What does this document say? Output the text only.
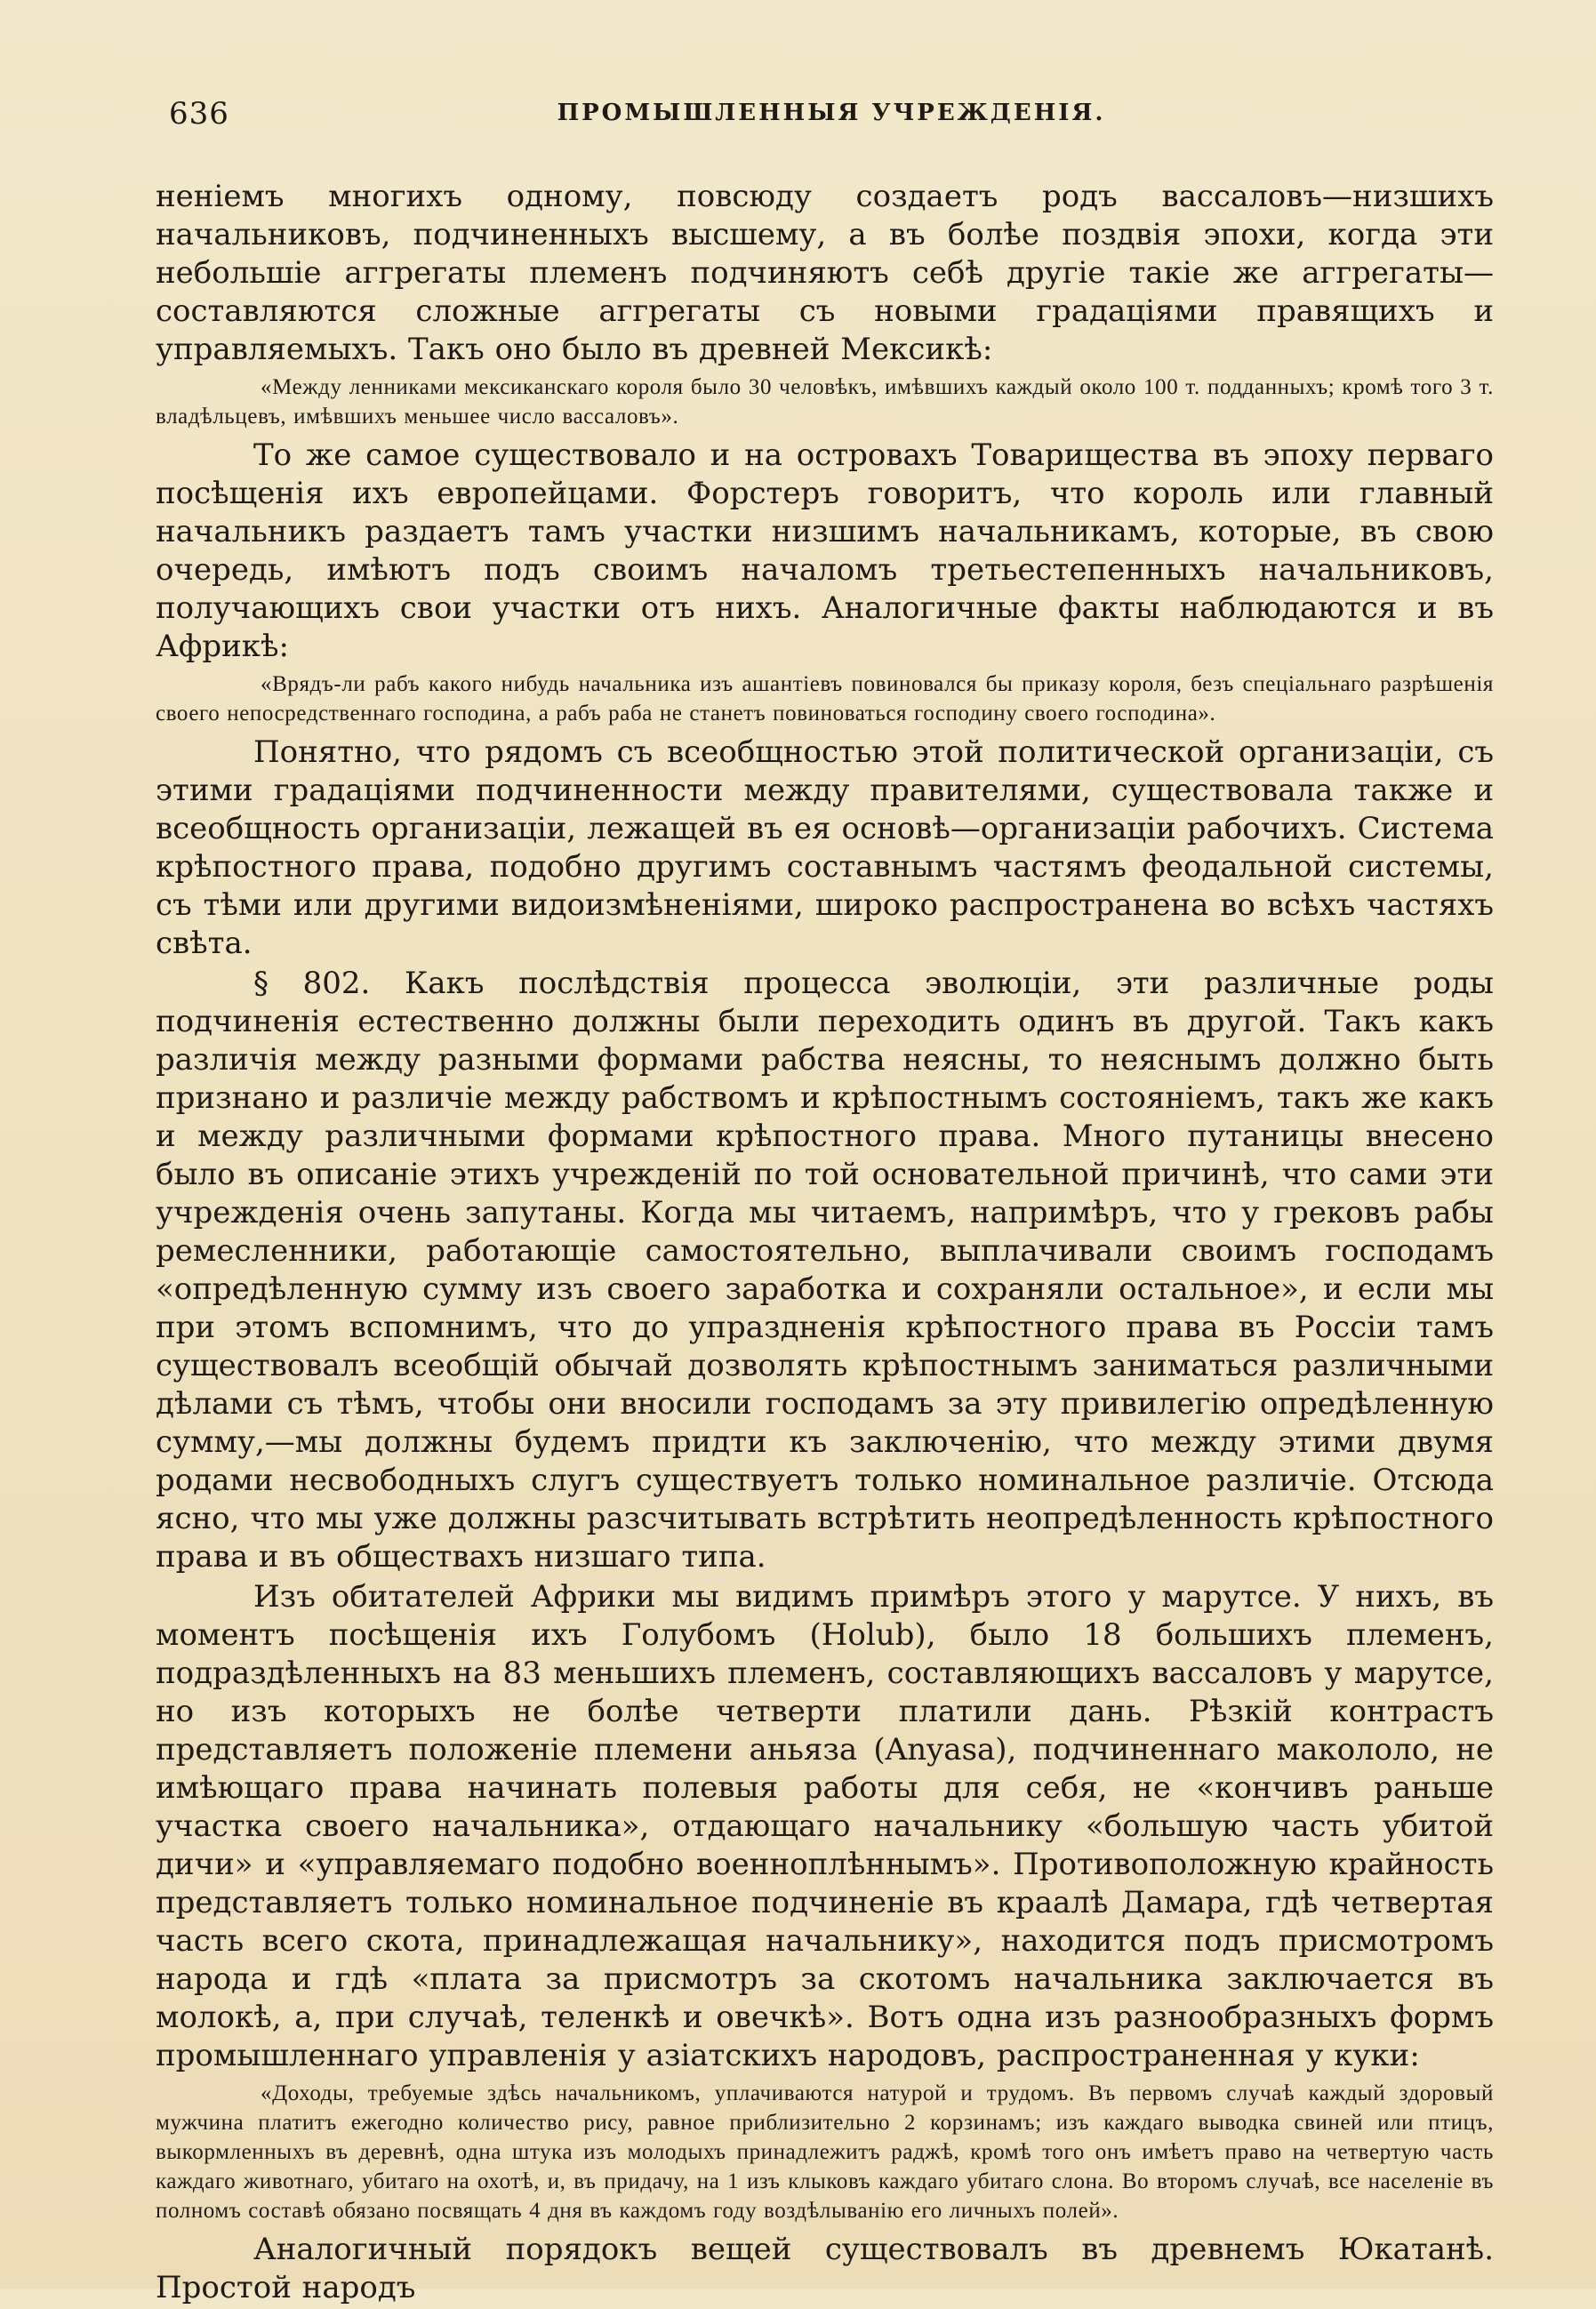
636	ПРОМЫШЛЕННЫЯ УЧРЕЖДЕНІЯ.

неніемъ многихъ одному, повсюду создаетъ родъ вассаловъ—низшихъ начальниковъ, подчиненныхъ высшему, а въ болѣе поздвія эпохи, когда эти небольшіе аггрегаты племенъ подчиняютъ себѣ другіе такіе же аггрегаты—составляются сложные аггрегаты съ новыми градаціями правящихъ и управляемыхъ. Такъ оно было въ древней Мексикѣ:

«Между ленниками мексиканскаго короля было 30 человѣкъ, имѣвшихъ каждый около 100 т. подданныхъ; кромѣ того 3 т. владѣльцевъ, имѣвшихъ меньшее число вассаловъ».

То же самое существовало и на островахъ Товарищества въ эпоху перваго посѣщенія ихъ европейцами. Форстеръ говоритъ, что король или главный начальникъ раздаетъ тамъ участки низшимъ начальникамъ, которые, въ свою очередь, имѣютъ подъ своимъ началомъ третьестепенныхъ начальниковъ, получающихъ свои участки отъ нихъ. Аналогичные факты наблюдаются и въ Африкѣ:

«Врядъ-ли рабъ какого нибудь начальника изъ ашантіевъ повиновался бы приказу короля, безъ спеціальнаго разрѣшенія своего непосредственнаго господина, а рабъ раба не станетъ повиноваться господину своего господина».

Понятно, что рядомъ съ всеобщностью этой политической организаціи, съ этими градаціями подчиненности между правителями, существовала также и всеобщность организаціи, лежащей въ ея основѣ—организаціи рабочихъ. Система крѣпостного права, подобно другимъ составнымъ частямъ феодальной системы, съ тѣми или другими видоизмѣненіями, широко распространена во всѣхъ частяхъ свѣта.

§ 802. Какъ послѣдствія процесса эволюціи, эти различные роды подчиненія естественно должны были переходить одинъ въ другой. Такъ какъ различія между разными формами рабства неясны, то неяснымъ должно быть признано и различіе между рабствомъ и крѣпостнымъ состояніемъ, такъ же какъ и между различными формами крѣпостного права. Много путаницы внесено было въ описаніе этихъ учрежденій по той основательной причинѣ, что сами эти учрежденія очень запутаны. Когда мы читаемъ, напримѣръ, что у грековъ рабы ремесленники, работающіе самостоятельно, выплачивали своимъ господамъ «опредѣленную сумму изъ своего заработка и сохраняли остальное», и если мы при этомъ вспомнимъ, что до упраздненія крѣпостного права въ Россіи тамъ существовалъ всеобщій обычай дозволять крѣпостнымъ заниматься различными дѣлами съ тѣмъ, чтобы они вносили господамъ за эту привилегію опредѣленную сумму,—мы должны будемъ придти къ заключенію, что между этими двумя родами несвободныхъ слугъ существуетъ только номинальное различіе. Отсюда ясно, что мы уже должны разсчитывать встрѣтить неопредѣленность крѣпостного права и въ обществахъ низшаго типа.

Изъ обитателей Африки мы видимъ примѣръ этого у марутсе. У нихъ, въ моментъ посѣщенія ихъ Голубомъ (Holub), было 18 большихъ племенъ, подраздѣленныхъ на 83 меньшихъ племенъ, составляющихъ вассаловъ у марутсе, но изъ которыхъ не болѣе четверти платили дань. Рѣзкій контрастъ представляетъ положеніе племени аньяза (Anyasa), подчиненнаго макололо, не имѣющаго права начинать полевыя работы для себя, не «кончивъ раньше участка своего начальника», отдающаго начальнику «большую часть убитой дичи» и «управляемаго подобно военноплѣннымъ». Противоположную крайность представляетъ только номинальное подчиненіе въ краалѣ Дамара, гдѣ четвертая часть всего скота, принадлежащая начальнику», находится подъ присмотромъ народа и гдѣ «плата за присмотръ за скотомъ начальника заключается въ молокѣ, а, при случаѣ, теленкѣ и овечкѣ». Вотъ одна изъ разнообразныхъ формъ промышленнаго управленія у азіатскихъ народовъ, распространенная у куки:

«Доходы, требуемые здѣсь начальникомъ, уплачиваются натурой и трудомъ. Въ первомъ случаѣ каждый здоровый мужчина платитъ ежегодно количество рису, равное приблизительно 2 корзинамъ; изъ каждаго выводка свиней или птицъ, выкормленныхъ въ деревнѣ, одна штука изъ молодыхъ принадлежитъ раджѣ, кромѣ того онъ имѣетъ право на четвертую часть каждаго животнаго, убитаго на охотѣ, и, въ придачу, на 1 изъ клыковъ каждаго убитаго слона. Во второмъ случаѣ, все населеніе въ полномъ составѣ обязано посвящать 4 дня въ каждомъ году воздѣлыванію его личныхъ полей».

Аналогичный порядокъ вещей существовалъ въ древнемъ Юкатанѣ. Простой народъ
